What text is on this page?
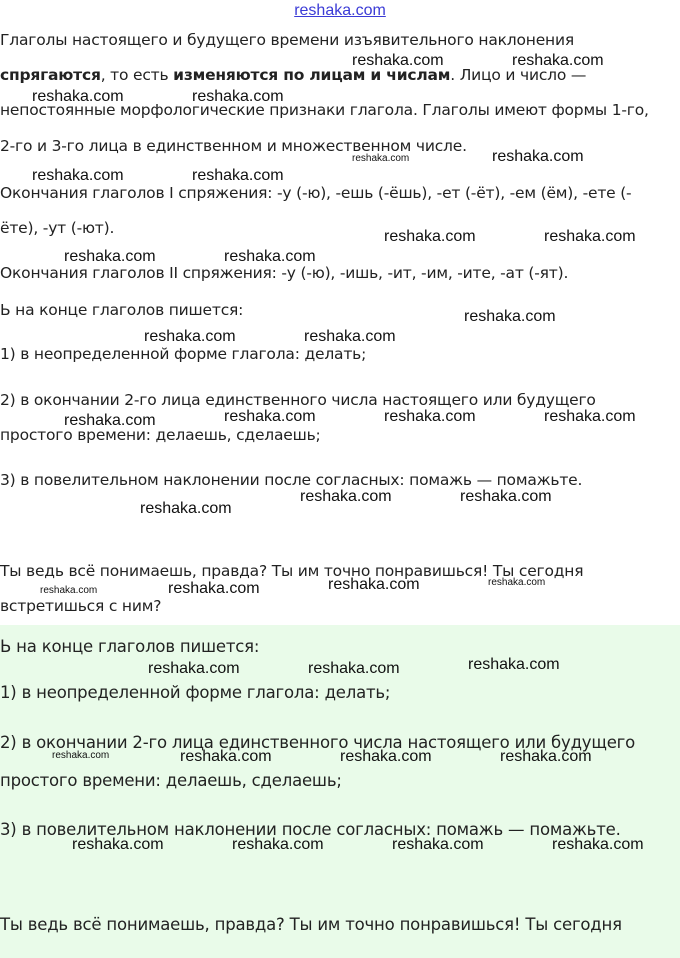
reshaka.com

Глаголы настоящего и будущего времени изъявительного наклонения

спрягаются, то есть изменяются по лицам и числам. Лицо и число —

непостоянные морфологические признаки глагола. Глаголы имеют формы 1-го,

2-го и 3-го лица в единственном и множественном числе.

Окончания глаголов I спряжения: -у (-ю), -ешь (-ёшь), -ет (-ёт), -ем (ём), -ете (-

ёте), -ут (-ют).

Окончания глаголов II спряжения: -у (-ю), -ишь, -ит, -им, -ите, -ат (-ят).

Ь на конце глаголов пишется:

1) в неопределенной форме глагола: делать;

2) в окончании 2-го лица единственного числа настоящего или будущего

простого времени: делаешь, сделаешь;

3) в повелительном наклонении после согласных: помажь — помажьте.

Ты ведь всё понимаешь, правда? Ты им точно понравишься! Ты сегодня

встретишься с ним?

Ь на конце глаголов пишется:

1) в неопределенной форме глагола: делать;

2) в окончании 2-го лица единственного числа настоящего или будущего

простого времени: делаешь, сделаешь;

3) в повелительном наклонении после согласных: помажь — помажьте.

Ты ведь всё понимаешь, правда? Ты им точно понравишься! Ты сегодня

reshaka.com	reshaka.com
reshaka.com	reshaka.com
reshaka.com	reshaka.com
reshaka.com	reshaka.com
reshaka.com	reshaka.com
reshaka.com	reshaka.com
reshaka.com
reshaka.com	reshaka.com
reshaka.com	reshaka.com	reshaka.com
reshaka.com
reshaka.com	reshaka.com
reshaka.com
reshaka.com
reshaka.com
reshaka.com	reshaka.com
reshaka.com
reshaka.com	reshaka.com
reshaka.com	reshaka.com	reshaka.com	reshaka.com
reshaka.com	reshaka.com	reshaka.com	reshaka.com
